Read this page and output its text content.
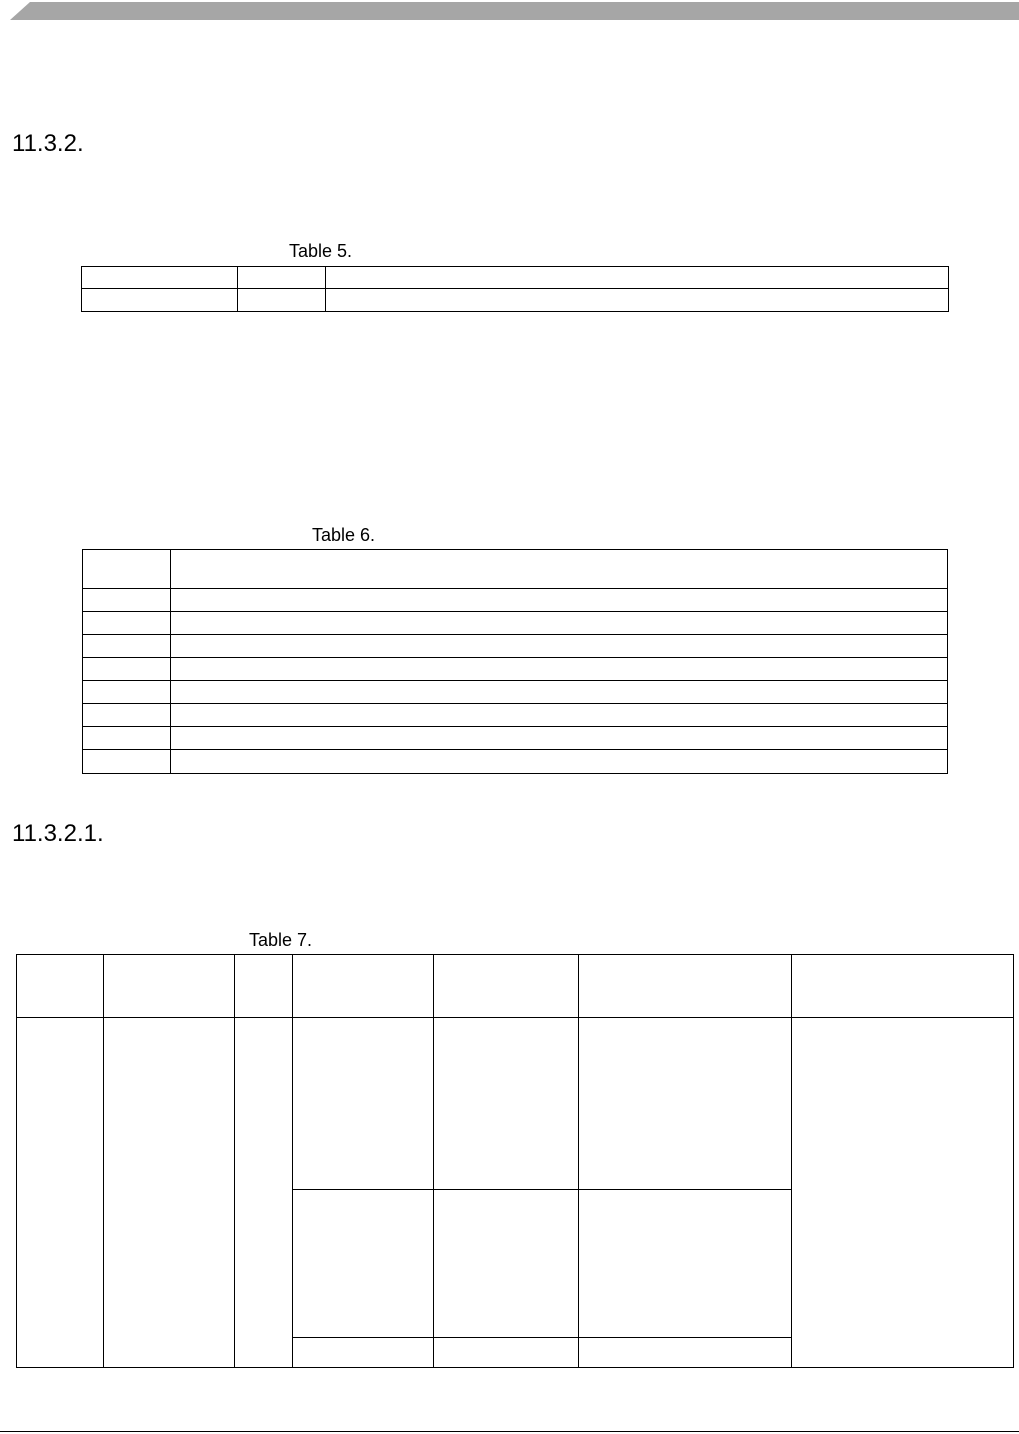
11.3.2.
Table 5.

Table 6.

11.3.2.1.
Table 7.
